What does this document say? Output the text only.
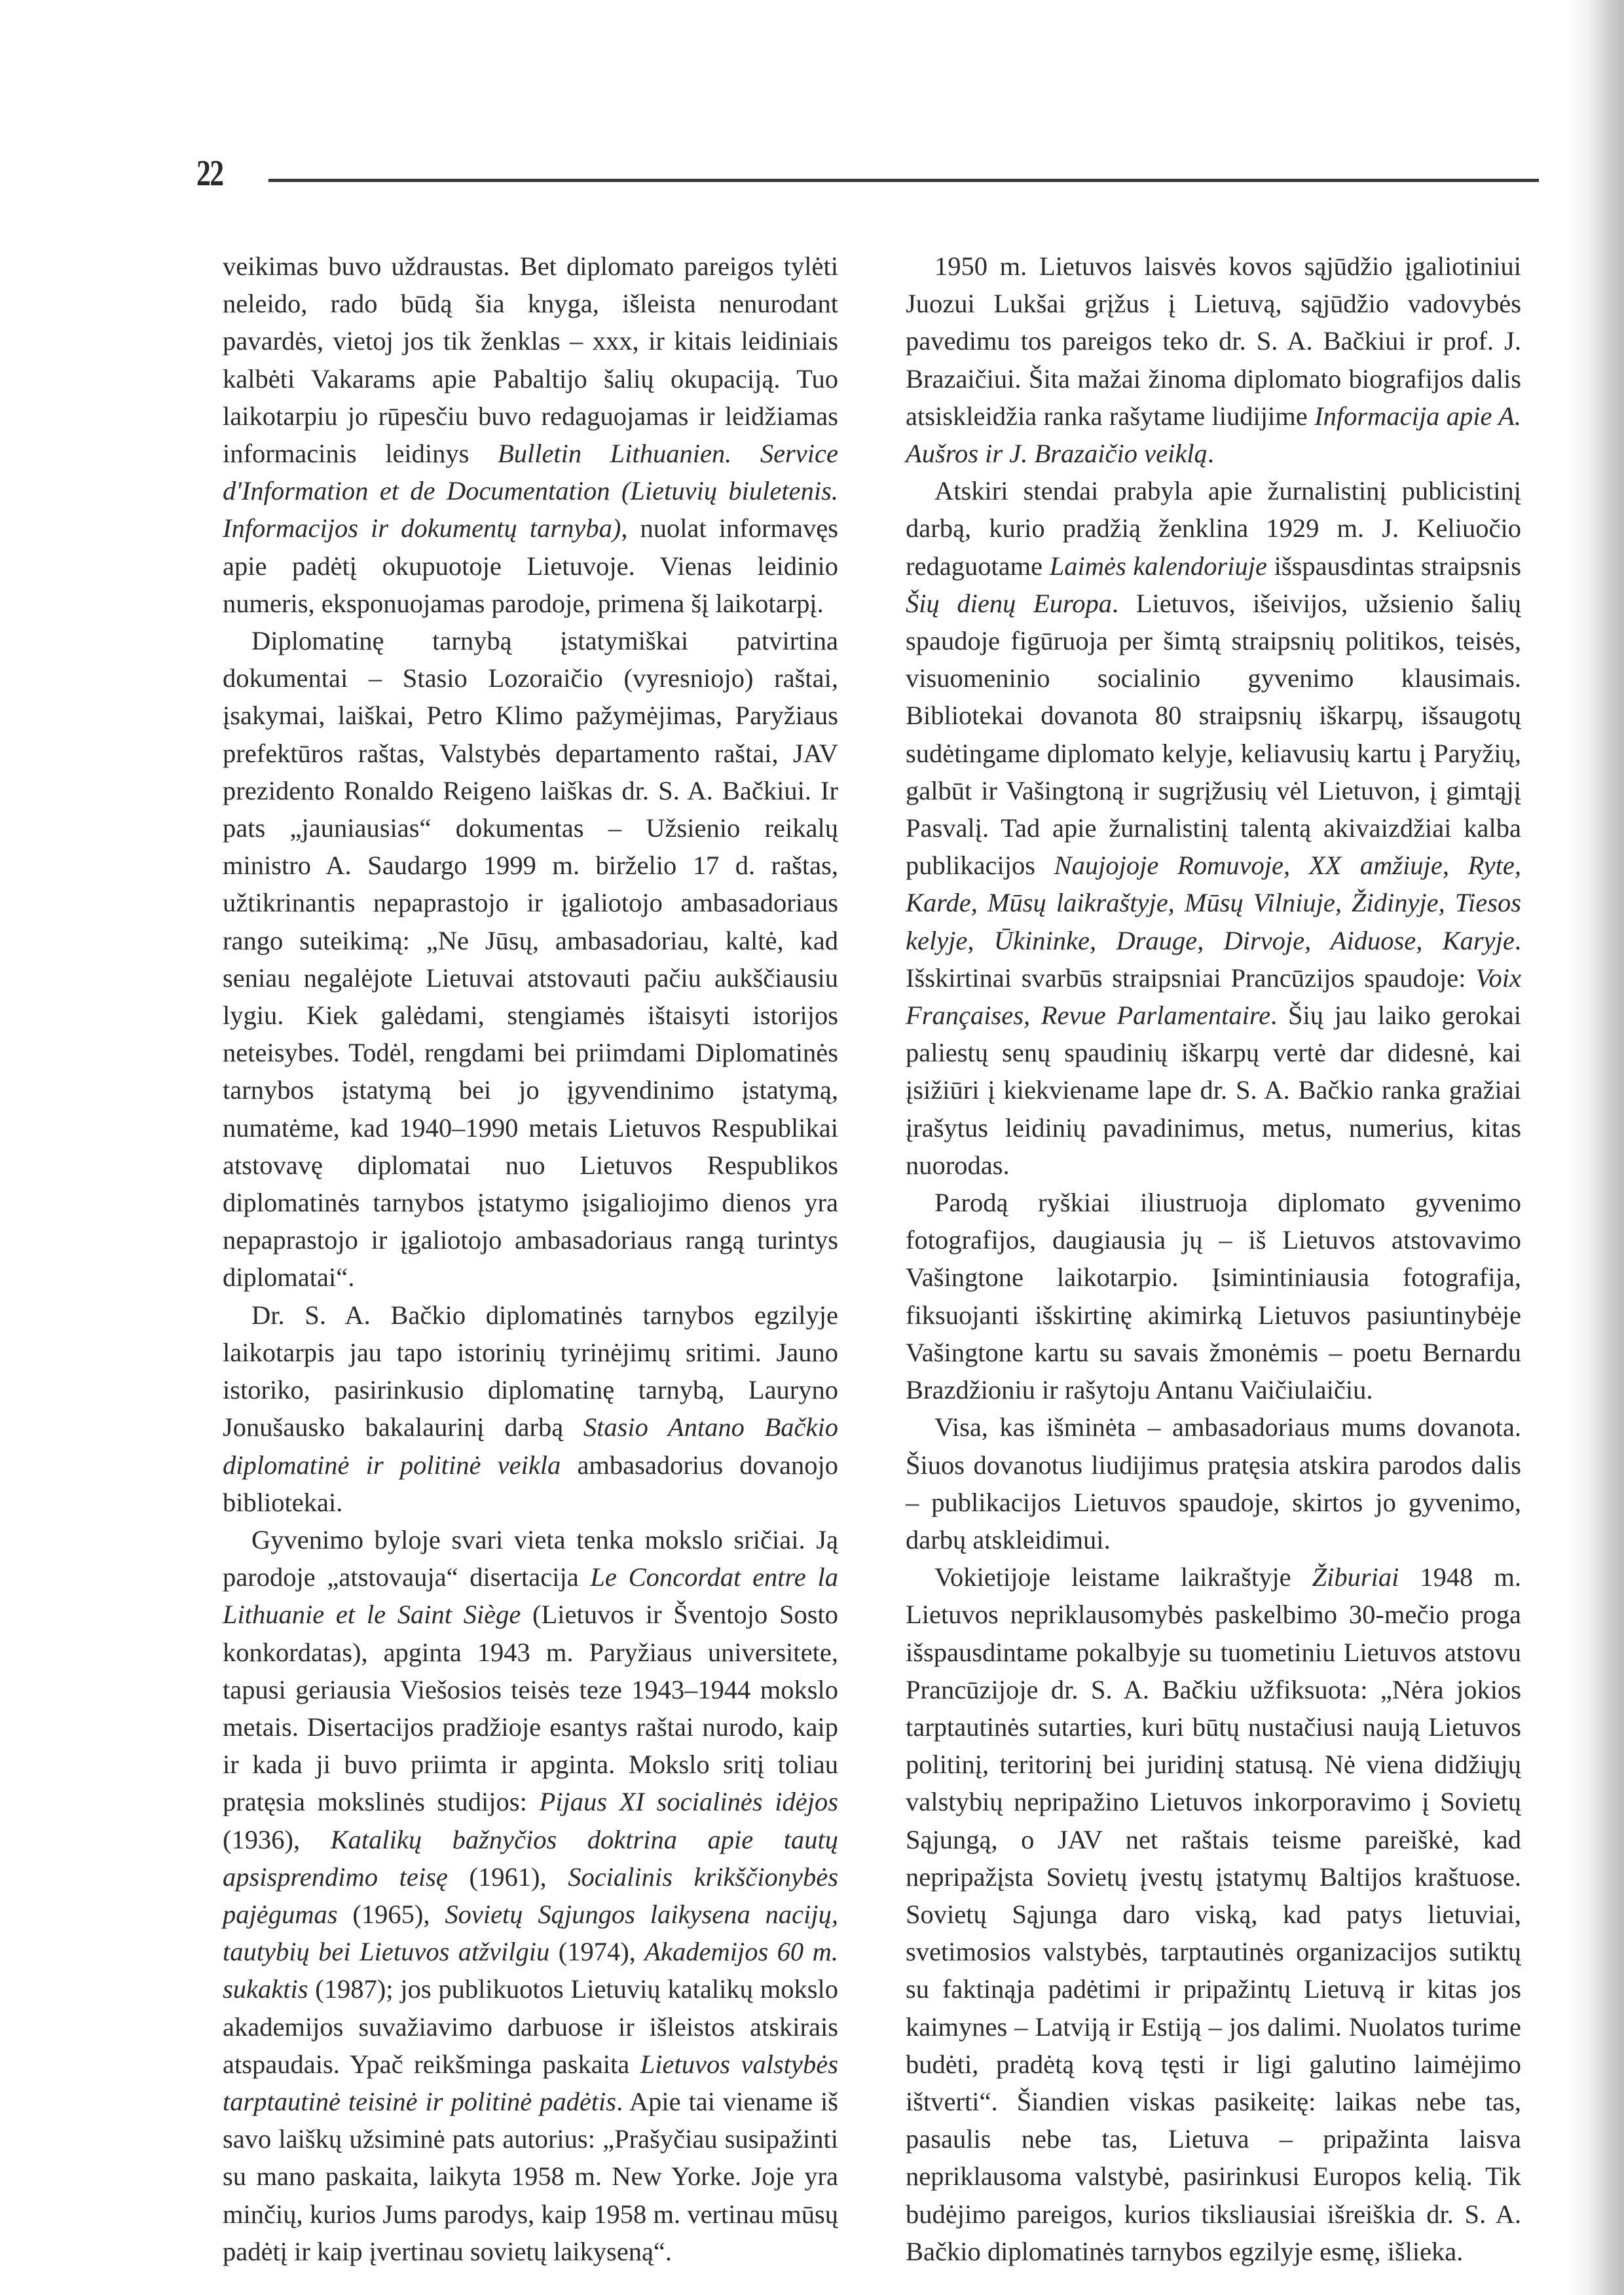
22

veikimas buvo uždraustas. Bet diplomato pareigos tylėti neleido, rado būdą šia knyga, išleista nenurodant pavardės, vietoj jos tik ženklas – xxx, ir kitais leidiniais kalbėti Vakarams apie Pabaltijo šalių okupaciją. Tuo laikotarpiu jo rūpesčiu buvo redaguojamas ir leidžiamas informacinis leidinys Bulletin Lithuanien. Service d'Information et de Documentation (Lietuvių biuletenis. Informacijos ir dokumentų tarnyba), nuolat informavęs apie padėtį okupuotoje Lietuvoje. Vienas leidinio numeris, eksponuojamas parodoje, primena šį laikotarpį.

Diplomatinę tarnybą įstatymiškai patvirtina dokumentai – Stasio Lozoraičio (vyresniojo) raštai, įsakymai, laiškai, Petro Klimo pažymėjimas, Paryžiaus prefektūros raštas, Valstybės departamento raštai, JAV prezidento Ronaldo Reigeno laiškas dr. S. A. Bačkiui. Ir pats „jauniausias“ dokumentas – Užsienio reikalų ministro A. Saudargo 1999 m. birželio 17 d. raštas, užtikrinantis nepaprastojo ir įgaliotojo ambasadoriaus rango suteikimą: „Ne Jūsų, ambasadoriau, kaltė, kad seniau negalėjote Lietuvai atstovauti pačiu aukščiausiu lygiu. Kiek galėdami, stengiamės ištaisyti istorijos neteisybes. Todėl, rengdami bei priimdami Diplomatinės tarnybos įstatymą bei jo įgyvendinimo įstatymą, numatėme, kad 1940–1990 metais Lietuvos Respublikai atstovavę diplomatai nuo Lietuvos Respublikos diplomatinės tarnybos įstatymo įsigaliojimo dienos yra nepaprastojo ir įgaliotojo ambasadoriaus rangą turintys diplomatai“.

Dr. S. A. Bačkio diplomatinės tarnybos egzilyje laikotarpis jau tapo istorinių tyrinėjimų sritimi. Jauno istoriko, pasirinkusio diplomatinę tarnybą, Lauryno Jonušausko bakalaurinį darbą Stasio Antano Bačkio diplomatinė ir politinė veikla ambasadorius dovanojo bibliotekai.

Gyvenimo byloje svari vieta tenka mokslo sričiai. Ją parodoje „atstovauja“ disertacija Le Concordat entre la Lithuanie et le Saint Siège (Lietuvos ir Šventojo Sosto konkordatas), apginta 1943 m. Paryžiaus universitete, tapusi geriausia Viešosios teisės teze 1943–1944 mokslo metais. Disertacijos pradžioje esantys raštai nurodo, kaip ir kada ji buvo priimta ir apginta. Mokslo sritį toliau pratęsia mokslinės studijos: Pijaus XI socialinės idėjos (1936), Katalikų bažnyčios doktrina apie tautų apsisprendimo teisę (1961), Socialinis krikščionybės pajėgumas (1965), Sovietų Sąjungos laikysena nacijų, tautybių bei Lietuvos atžvilgiu (1974), Akademijos 60 m. sukaktis (1987); jos publikuotos Lietuvių katalikų mokslo akademijos suvažiavimo darbuose ir išleistos atskirais atspaudais. Ypač reikšminga paskaita Lietuvos valstybės tarptautinė teisinė ir politinė padėtis. Apie tai viename iš savo laiškų užsiminė pats autorius: „Prašyčiau susipažinti su mano paskaita, laikyta 1958 m. New Yorke. Joje yra minčių, kurios Jums parodys, kaip 1958 m. vertinau mūsų padėtį ir kaip įvertinau sovietų laikyseną“.

1950 m. Lietuvos laisvės kovos sąjūdžio įgaliotiniui Juozui Lukšai grįžus į Lietuvą, sąjūdžio vadovybės pavedimu tos pareigos teko dr. S. A. Bačkiui ir prof. J. Brazaičiui. Šita mažai žinoma diplomato biografijos dalis atsiskleidžia ranka rašytame liudijime Informacija apie A. Aušros ir J. Brazaičio veiklą.

Atskiri stendai prabyla apie žurnalistinį publicistinį darbą, kurio pradžią ženklina 1929 m. J. Keliuočio redaguotame Laimės kalendoriuje išspausdintas straipsnis Šių dienų Europa. Lietuvos, išeivijos, užsienio šalių spaudoje figūruoja per šimtą straipsnių politikos, teisės, visuomeninio socialinio gyvenimo klausimais. Bibliotekai dovanota 80 straipsnių iškarpų, išsaugotų sudėtingame diplomato kelyje, keliavusių kartu į Paryžių, galbūt ir Vašingtoną ir sugrįžusių vėl Lietuvon, į gimtąjį Pasvalį. Tad apie žurnalistinį talentą akivaizdžiai kalba publikacijos Naujojoje Romuvoje, XX amžiuje, Ryte, Karde, Mūsų laikraštyje, Mūsų Vilniuje, Židinyje, Tiesos kelyje, Ūkininke, Drauge, Dirvoje, Aiduose, Karyje. Išskirtinai svarbūs straipsniai Prancūzijos spaudoje: Voix Françaises, Revue Parlamentaire. Šių jau laiko gerokai paliestų senų spaudinių iškarpų vertė dar didesnė, kai įsižiūri į kiekviename lape dr. S. A. Bačkio ranka gražiai įrašytus leidinių pavadinimus, metus, numerius, kitas nuorodas.

Parodą ryškiai iliustruoja diplomato gyvenimo fotografijos, daugiausia jų – iš Lietuvos atstovavimo Vašingtone laikotarpio. Įsimintiniausia fotografija, fiksuojanti išskirtinę akimirką Lietuvos pasiuntinybėje Vašingtone kartu su savais žmonėmis – poetu Bernardu Brazdžioniu ir rašytoju Antanu Vaičiulaičiu.

Visa, kas išminėta – ambasadoriaus mums dovanota. Šiuos dovanotus liudijimus pratęsia atskira parodos dalis – publikacijos Lietuvos spaudoje, skirtos jo gyvenimo, darbų atskleidimui.

Vokietijoje leistame laikraštyje Žiburiai 1948 m. Lietuvos nepriklausomybės paskelbimo 30-mečio proga išspausdintame pokalbyje su tuometiniu Lietuvos atstovu Prancūzijoje dr. S. A. Bačkiu užfiksuota: „Nėra jokios tarptautinės sutarties, kuri būtų nustačiusi naują Lietuvos politinį, teritorinį bei juridinį statusą. Nė viena didžiųjų valstybių nepripažino Lietuvos inkorporavimo į Sovietų Sąjungą, o JAV net raštais teisme pareiškė, kad nepripažįsta Sovietų įvestų įstatymų Baltijos kraštuose. Sovietų Sąjunga daro viską, kad patys lietuviai, svetimosios valstybės, tarptautinės organizacijos sutiktų su faktinąja padėtimi ir pripažintų Lietuvą ir kitas jos kaimynes – Latviją ir Estiją – jos dalimi. Nuolatos turime budėti, pradėtą kovą tęsti ir ligi galutino laimėjimo ištverti“. Šiandien viskas pasikeitę: laikas nebe tas, pasaulis nebe tas, Lietuva – pripažinta laisva nepriklausoma valstybė, pasirinkusi Europos kelią. Tik budėjimo pareigos, kurios tiksliausiai išreiškia dr. S. A. Bačkio diplomatinės tarnybos egzilyje esmę, išlieka.
